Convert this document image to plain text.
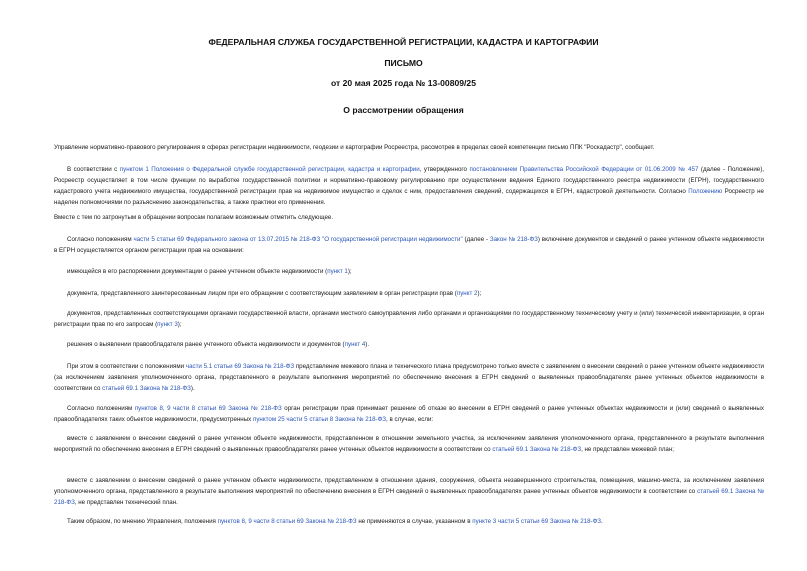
ФЕДЕРАЛЬНАЯ СЛУЖБА ГОСУДАРСТВЕННОЙ РЕГИСТРАЦИИ, КАДАСТРА И КАРТОГРАФИИ
ПИСЬМО
от 20 мая 2025 года № 13-00809/25
О рассмотрении обращения

Управление нормативно-правового регулирования в сферах регистрации недвижимости, геодезии и картографии Росреестра, рассмотрев в пределах своей компетенции письмо ППК "Роскадастр", сообщает.

В соответствии с пунктом 1 Положения о Федеральной службе государственной регистрации, кадастра и картографии, утвержденного постановлением Правительства Российской Федерации от 01.06.2009 № 457 (далее - Положение), Росреестр осуществляет в том числе функции по выработке государственной политики и нормативно-правовому регулированию при осуществлении ведения Единого государственного реестра недвижимости (ЕГРН), государственного кадастрового учета недвижимого имущества, государственной регистрации прав на недвижимое имущество и сделок с ним, предоставления сведений, содержащихся в ЕГРН, кадастровой деятельности. Согласно Положению Росреестр не наделен полномочиями по разъяснению законодательства, а также практики его применения.

Вместе с тем по затронутым в обращении вопросам полагаем возможным отметить следующее.

Согласно положениям части 5 статьи 69 Федерального закона от 13.07.2015 № 218-ФЗ "О государственной регистрации недвижимости" (далее - Закон № 218-ФЗ) включение документов и сведений о ранее учтенном объекте недвижимости в ЕГРН осуществляется органом регистрации прав на основании:

имеющейся в его распоряжении документации о ранее учтенном объекте недвижимости (пункт 1);

документа, представленного заинтересованным лицом при его обращении с соответствующим заявлением в орган регистрации прав (пункт 2);

документов, представленных соответствующими органами государственной власти, органами местного самоуправления либо органами и организациями по государственному техническому учету и (или) технической инвентаризации, в орган регистрации прав по его запросам (пункт 3);

решения о выявлении правообладателя ранее учтенного объекта недвижимости и документов (пункт 4).

При этом в соответствии с положениями части 5.1 статьи 69 Закона № 218-ФЗ представление межевого плана и технического плана предусмотрено только вместе с заявлением о внесении сведений о ранее учтенном объекте недвижимости (за исключением заявления уполномоченного органа, представленного в результате выполнения мероприятий по обеспечению внесения в ЕГРН сведений о выявленных правообладателях ранее учтенных объектов недвижимости в соответствии со статьей 69.1 Закона № 218-ФЗ).

Согласно положениям пунктов 8, 9 части 8 статьи 69 Закона № 218-ФЗ орган регистрации прав принимает решение об отказе во внесении в ЕГРН сведений о ранее учтенных объектах недвижимости и (или) сведений о выявленных правообладателях таких объектов недвижимости, предусмотренных пунктом 25 части 5 статьи 8 Закона № 218-ФЗ, в случае, если:

вместе с заявлением о внесении сведений о ранее учтенном объекте недвижимости, представленном в отношении земельного участка, за исключением заявления уполномоченного органа, представленного в результате выполнения мероприятий по обеспечению внесения в ЕГРН сведений о выявленных правообладателях ранее учтенных объектов недвижимости в соответствии со статьей 69.1 Закона № 218-ФЗ, не представлен межевой план;

вместе с заявлением о внесении сведений о ранее учтенном объекте недвижимости, представленном в отношении здания, сооружения, объекта незавершенного строительства, помещения, машино-места, за исключением заявления уполномоченного органа, представленного в результате выполнения мероприятий по обеспечению внесения в ЕГРН сведений о выявленных правообладателях ранее учтенных объектов недвижимости в соответствии со статьей 69.1 Закона № 218-ФЗ, не представлен технический план.

Таким образом, по мнению Управления, положения пунктов 8, 9 части 8 статьи 69 Закона № 218-ФЗ не применяются в случае, указанном в пункте 3 части 5 статьи 69 Закона № 218-ФЗ.
